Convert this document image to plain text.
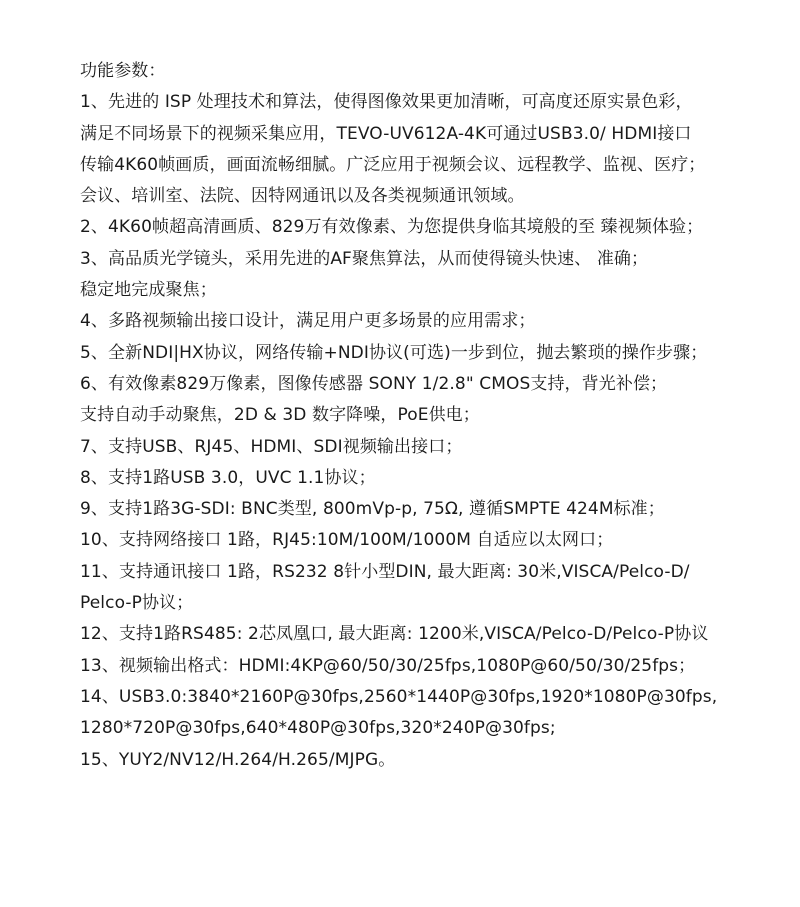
功能参数：
1、先进的 ISP 处理技术和算法，使得图像效果更加清晰，可高度还原实景色彩，
满足不同场景下的视频采集应用，TEVO-UV612A-4K可通过USB3.0/ HDMI接口
传输4K60帧画质，画面流畅细腻。广泛应用于视频会议、远程教学、监视、医疗；
会议、培训室、法院、因特网通讯以及各类视频通讯领域。
2、4K60帧超高清画质、829万有效像素、为您提供身临其境般的至 臻视频体验；
3、高品质光学镜头，采用先进的AF聚焦算法，从而使得镜头快速、 准确；
稳定地完成聚焦；
4、多路视频输出接口设计，满足用户更多场景的应用需求；
5、全新NDI|HX协议，网络传输+NDI协议(可选)一步到位，抛去繁琐的操作步骤；
6、有效像素829万像素，图像传感器 SONY 1/2.8" CMOS支持，背光补偿；
支持自动手动聚焦，2D & 3D 数字降噪，PoE供电；
7、支持USB、RJ45、HDMI、SDI视频输出接口；
8、支持1路USB 3.0，UVC 1.1协议；
9、支持1路3G-SDI: BNC类型, 800mVp-p, 75Ω, 遵循SMPTE 424M标准；
10、支持网络接口 1路，RJ45:10M/100M/1000M 自适应以太网口；
11、支持通讯接口 1路，RS232 8针小型DIN, 最大距离: 30米,VISCA/Pelco-D/
Pelco-P协议；
12、支持1路RS485: 2芯凤凰口, 最大距离: 1200米,VISCA/Pelco-D/Pelco-P协议
13、视频输出格式：HDMI:4KP@60/50/30/25fps,1080P@60/50/30/25fps；
14、USB3.0:3840*2160P@30fps,2560*1440P@30fps,1920*1080P@30fps,
1280*720P@30fps,640*480P@30fps,320*240P@30fps;
15、YUY2/NV12/H.264/H.265/MJPG。
